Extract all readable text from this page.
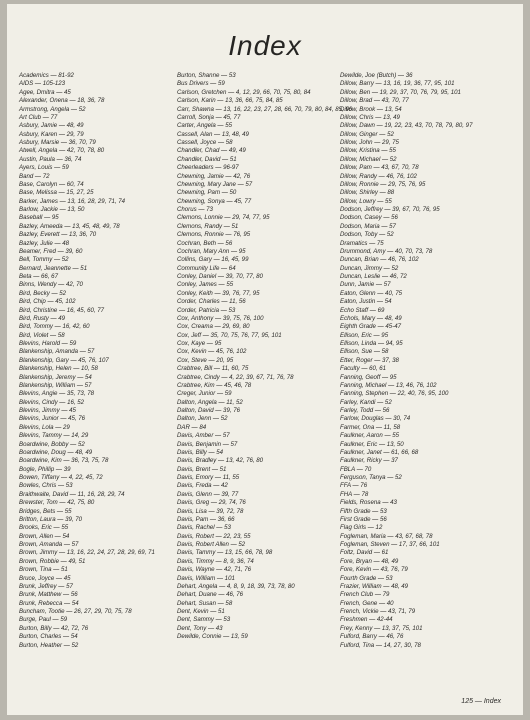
Index
Academics — 81-92
AIDS — 105-123
Agee, Dmitra — 45
Alexander, Onena — 18, 36, 78
Armstrong, Angela — 52
Art Club — 77
Asbury, Jamie — 48, 49
Asbury, Karen — 29, 79
Asbury, Marsie — 36, 70, 79
Atwell, Angela — 42, 70, 78, 80
Austin, Paula — 36, 74
Ayers, Louis — 59
Band — 72
Base, Carolyn — 60, 74
Base, Melissa — 15, 27, 25
Barker, James — 13, 16, 28, 29, 71, 74
Barlow, Jackie — 13, 50
Baseball — 95
Bazley, Ameeda — 13, 45, 48, 49, 78
Bazley, Everett — 13, 36, 70
Bazley, Julie — 48
Beamer, Fred — 39, 60
Bell, Tommy — 52
Bernard, Jeannette — 51
Beta — 66, 67
Binns, Wendy — 42, 70
Bird, Becky — 52
Bird, Chip — 45, 102
Bird, Christine — 16, 45, 60, 77
Bird, Rusty — 49
Bird, Tommy — 16, 42, 60
Bird, Violet — 58
Blevins, Harold — 59
Blankenship, Amanda — 57
Blankenship, Gary — 45, 76, 107
Blankenship, Helen — 10, 58
Blankenship, Jeremy — 54
Blankenship, William — 57
Blevins, Angie — 35, 73, 78
Blevins, Cindy — 16, 52
Blevins, Jimmy — 45
Blevins, Junior — 45, 76
Blevins, Lola — 29
Blevins, Tammy — 14, 29
Boardwine, Bobby — 52
Boardwine, Doug — 48, 49
Boardwine, Kim — 36, 73, 75, 78
Bogle, Phillip — 39
Bowen, Tiffany — 4, 22, 45, 72
Bowles, Chris — 53
Braithwaite, David — 11, 16, 28, 29, 74
Brewster, Tom — 42, 75, 80
Bridges, Bets — 55
Britton, Laura — 39, 70
Brooks, Eric — 55
Brown, Allen — 54
Brown, Amanda — 57
Brown, Jimmy — 13, 16, 22, 24, 27, 28, 29, 69, 71
Brown, Robbie — 49, 51
Brown, Tina — 51
Bruce, Joyce — 45
Brunk, Jeffrey — 57
Brunk, Matthew — 56
Brunk, Rebecca — 54
Buncham, Tootie — 26, 27, 29, 70, 75, 78
Burge, Paul — 59
Burton, Billy — 42, 72, 76
Burton, Charles — 54
Burton, Heather — 52
Burton, Shanne — 53
Bus Drivers — 59
Carlson, Gretchen — 4, 12, 29, 66, 70, 75, 80, 84
Carlson, Karin — 13, 36, 66, 75, 84, 85
Carr, Shawna — 13, 16, 22, 23, 27, 28, 66, 70, 79, 80, 84, 85, 96
Carroll, Sonja — 45, 77
Carter, Angela — 55
Cassell, Alan — 13, 48, 49
Cassell, Joyce — 58
Chandler, Chad — 49, 49
Chandler, David — 51
Cheerleaders — 96-97
Chewning, Jamie — 42, 76
Chewning, Mary Jane — 57
Chewning, Pam — 50
Chewning, Sonya — 45, 77
Chorus — 73
Clemons, Lonnie — 29, 74, 77, 95
Clemons, Randy — 51
Clemons, Ronnie — 76, 95
Cochran, Beth — 56
Cochran, Mary Ann — 95
Collins, Gary — 16, 45, 99
Community Life — 64
Conley, Daniel — 39, 70, 77, 80
Conley, James — 55
Conley, Keith — 39, 76, 77, 95
Corder, Charles — 11, 56
Corder, Patricia — 53
Cox, Anthony — 39, 75, 76, 100
Cox, Creama — 29, 69, 80
Cox, Jeff — 35, 70, 75, 76, 77, 95, 101
Cox, Kaye — 95
Cox, Kevin — 45, 76, 102
Cox, Steve — 20, 95
Crabtree, Bill — 11, 60, 75
Crabtree, Cindy — 4, 22, 39, 67, 71, 76, 78
Crabtree, Kim — 45, 46, 78
Creger, Junior — 59
Dalton, Angela — 11, 52
Dalton, David — 39, 76
Dalton, Jenn — 52
DAR — 84
Davis, Amber — 57
Davis, Benjamin — 57
Davis, Billy — 54
Davis, Bradley — 13, 42, 76, 80
Davis, Brent — 51
Davis, Emory — 11, 55
Davis, Freda — 42
Davis, Glenn — 39, 77
Davis, Greg — 29, 74, 76
Davis, Lisa — 39, 72, 78
Davis, Pam — 36, 66
Davis, Rachel — 53
Davis, Robert — 22, 23, 55
Davis, Robert Allen — 52
Davis, Tammy — 13, 15, 66, 78, 98
Davis, Timmy — 8, 9, 36, 74
Davis, Wayne — 42, 71, 76
Davis, William — 101
Dehart, Angela — 4, 8, 9, 18, 39, 73, 78, 80
Dehart, Duane — 46, 76
Dehart, Susan — 58
Dent, Kevin — 51
Dent, Sammy — 53
Dent, Tony — 43
Dewilde, Connie — 13, 59
Dewilde, Joe (Butch) — 36
Dillow, Barry — 13, 16, 19, 36, 77, 95, 101
Dillow, Ben — 19, 29, 37, 70, 76, 79, 95, 101
Dillow, Brad — 43, 70, 77
Dillow, Brook — 13, 54
Dillow, Chris — 13, 49
Dillow, Dawn — 19, 22, 23, 43, 70, 78, 79, 80, 97
Dillow, Ginger — 52
Dillow, John — 29, 75
Dillow, Kristina — 55
Dillow, Michael — 52
Dillow, Pam — 43, 67, 70, 78
Dillow, Randy — 46, 76, 102
Dillow, Ronnie — 29, 75, 76, 95
Dillow, Shirley — 88
Dillow, Lowry — 55
Dodson, Jeffrey — 39, 67, 70, 76, 95
Dodson, Casey — 56
Dodson, Maria — 57
Dodson, Toby — 52
Dramatics — 75
Drummond, Amy — 40, 70, 73, 78
Duncan, Brian — 46, 76, 102
Duncan, Jimmy — 52
Duncan, Leslie — 46, 72
Dunn, Jamie — 57
Eaton, Glenn — 40, 75
Eaton, Justin — 54
Echo Staff — 69
Echols, Mary — 48, 49
Eighth Grade — 45-47
Ellison, Eric — 95
Ellison, Linda — 94, 95
Ellison, Sue — 58
Etter, Roger — 37, 38
Faculty — 60, 61
Fanning, Geoff — 95
Fanning, Michael — 13, 46, 76, 102
Fanning, Stephen — 22, 40, 76, 95, 100
Farley, Kandi — 52
Farley, Todd — 56
Farlow, Douglas — 30, 74
Farmer, Ona — 11, 58
Faulkner, Aaron — 55
Faulkner, Eric — 13, 50
Faulkner, Janet — 61, 66, 68
Faulkner, Ricky — 37
FBLA — 70
Ferguson, Tanya — 52
FFA — 76
FHA — 78
Fields, Rosena — 43
Fifth Grade — 53
First Grade — 56
Flag Girls — 12
Fogleman, Maria — 43, 67, 68, 78
Fogleman, Steven — 17, 37, 66, 101
Foltz, David — 61
Fore, Bryan — 48, 49
Fore, Kevin — 43, 76, 79
Fourth Grade — 53
Frazier, William — 48, 49
French Club — 79
French, Gene — 40
French, Vickie — 43, 71, 79
Freshmen — 42-44
Frey, Kenny — 13, 37, 75, 101
Fulford, Barry — 46, 76
Fulford, Tina — 14, 27, 30, 78
125 — Index
